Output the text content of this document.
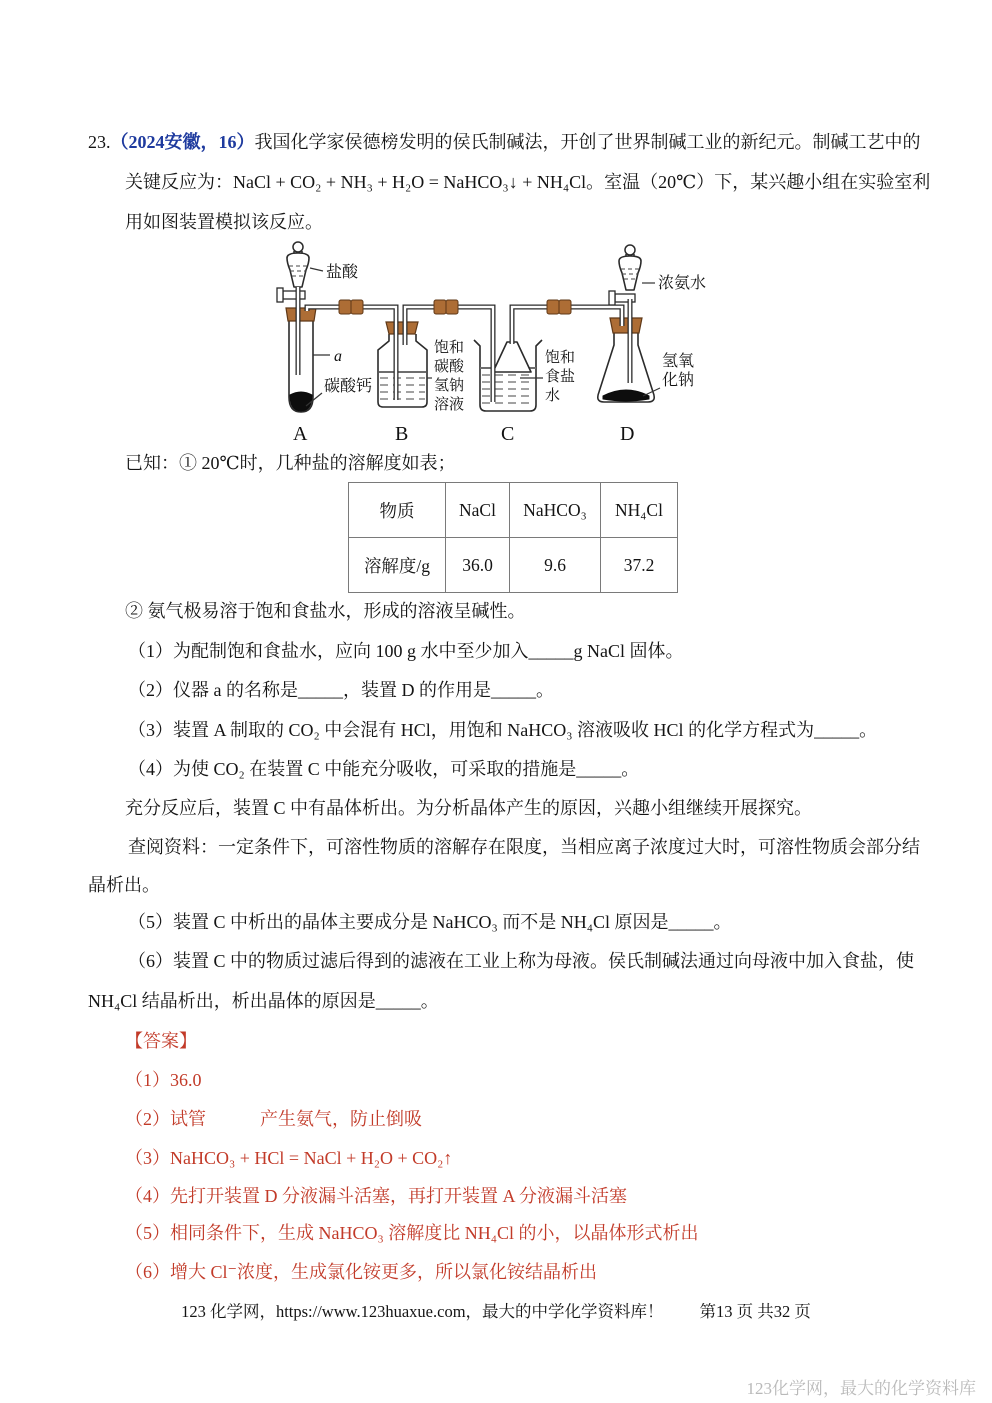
23.（2024安徽，16）我国化学家侯德榜发明的侯氏制碱法，开创了世界制碱工业的新纪元。制碱工艺中的
关键反应为：NaCl + CO₂ + NH₃ + H₂O = NaHCO₃↓ + NH₄Cl。室温（20℃）下，某兴趣小组在实验室利
用如图装置模拟该反应。
盐酸
a
碳酸钙
饱和
碳酸
氢钠
溶液
饱和
食盐
水
浓氨水
氢氧
化钠
A	B	C	D
已知：① 20℃时，几种盐的溶解度如表；
物质	NaCl	NaHCO₃	NH₄Cl
溶解度/g	36.0	9.6	37.2
② 氨气极易溶于饱和食盐水，形成的溶液呈碱性。
（1）为配制饱和食盐水，应向 100 g 水中至少加入_____g NaCl 固体。
（2）仪器 a 的名称是_____，装置 D 的作用是_____。
（3）装置 A 制取的 CO₂ 中会混有 HCl，用饱和 NaHCO₃ 溶液吸收 HCl 的化学方程式为_____。
（4）为使 CO₂ 在装置 C 中能充分吸收，可采取的措施是_____。
充分反应后，装置 C 中有晶体析出。为分析晶体产生的原因，兴趣小组继续开展探究。
查阅资料：一定条件下，可溶性物质的溶解存在限度，当相应离子浓度过大时，可溶性物质会部分结
晶析出。
（5）装置 C 中析出的晶体主要成分是 NaHCO₃ 而不是 NH₄Cl 原因是_____。
（6）装置 C 中的物质过滤后得到的滤液在工业上称为母液。侯氏制碱法通过向母液中加入食盐，使
NH₄Cl 结晶析出，析出晶体的原因是_____。
【答案】
（1）36.0
（2）试管　　　产生氨气，防止倒吸
（3）NaHCO₃ + HCl = NaCl + H₂O + CO₂↑
（4）先打开装置 D 分液漏斗活塞，再打开装置 A 分液漏斗活塞
（5）相同条件下，生成 NaHCO₃ 溶解度比 NH₄Cl 的小，以晶体形式析出
（6）增大 Cl⁻浓度，生成氯化铵更多，所以氯化铵结晶析出
123 化学网，https://www.123huaxue.com，最大的中学化学资料库！ 第13 页 共32 页
123化学网，最大的化学资料库
